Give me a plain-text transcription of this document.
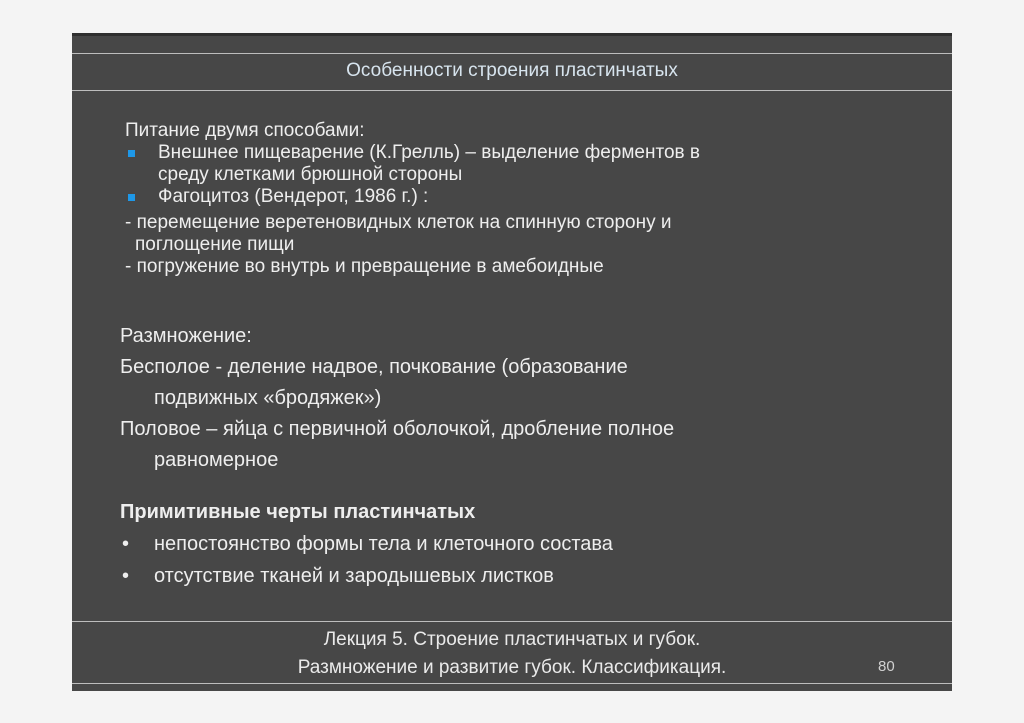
Особенности строения пластинчатых

Питание двумя способами:

Внешнее пищеварение (К.Грелль) – выделение ферментов в
среду клетками брюшной стороны
Фагоцитоз (Вендерот, 1986 г.) :

- перемещение веретеновидных клеток на спинную сторону и
поглощение пищи

- погружение во внутрь и превращение в амебоидные

Размножение:

Бесполое - деление надвое, почкование (образование

подвижных «бродяжек»)

Половое – яйца с первичной оболочкой, дробление полное

равномерное

Примитивные черты пластинчатых
• непостоянство формы тела и клеточного состава
• отсутствие тканей и зародышевых листков
Лекция 5. Строение пластинчатых и губок.
Размножение и развитие губок. Классификация.	80
